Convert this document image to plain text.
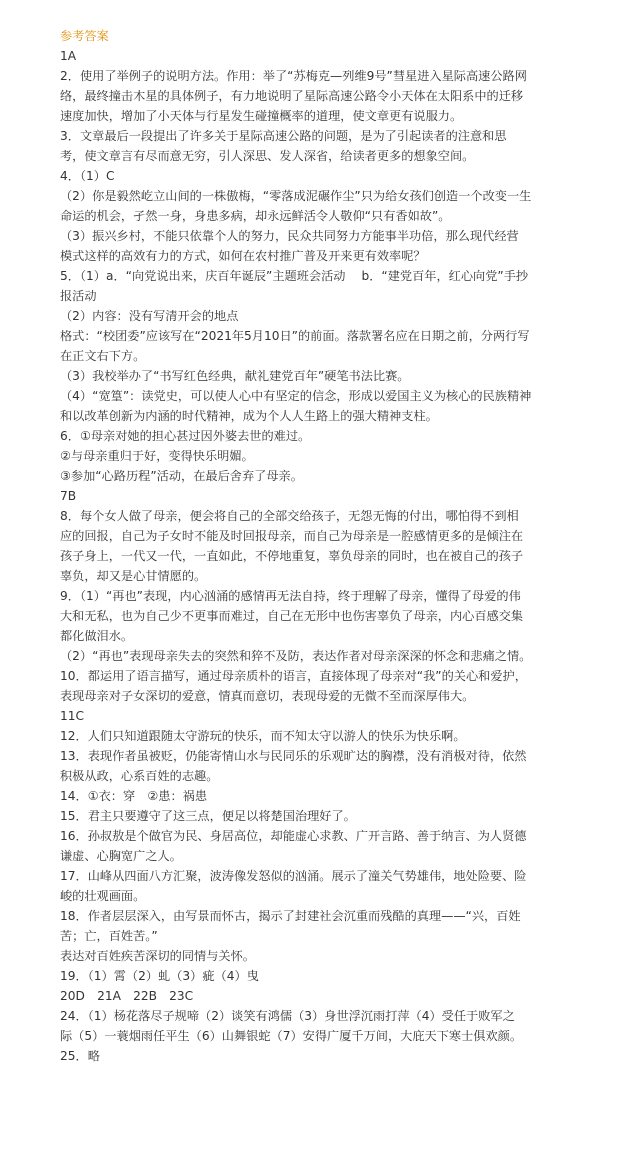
参考答案
1A
2．使用了举例子的说明方法。作用：举了“苏梅克—列维9号”彗星进入星际高速公路网
络，最终撞击木星的具体例子，有力地说明了星际高速公路令小天体在太阳系中的迁移
速度加快，增加了小天体与行星发生碰撞概率的道理，使文章更有说服力。
3．文章最后一段提出了许多关于星际高速公路的问题，是为了引起读者的注意和思
考，使文章言有尽而意无穷，引人深思、发人深省，给读者更多的想象空间。
4．（1）C
（2）你是毅然屹立山间的一株傲梅，“零落成泥碾作尘”只为给女孩们创造一个改变一生
命运的机会，孑然一身，身患多病，却永远鲜活令人敬仰“只有香如故”。
（3）振兴乡村，不能只依靠个人的努力，民众共同努力方能事半功倍，那么现代经营
模式这样的高效有力的方式，如何在农村推广普及开来更有效率呢？
5．（1）a．“向党说出来，庆百年诞辰”主题班会活动　 b．“建党百年，红心向党”手抄
报活动
（2）内容：没有写清开会的地点
格式：“校团委”应该写在“2021年5月10日”的前面。落款署名应在日期之前，分两行写
在正文右下方。
（3）我校举办了“书写红色经典，献礼建党百年”硬笔书法比赛。
（4）“宽篁”：读党史，可以使人心中有坚定的信念，形成以爱国主义为核心的民族精神
和以改革创新为内涵的时代精神，成为个人人生路上的强大精神支柱。
6．①母亲对她的担心甚过因外婆去世的难过。
②与母亲重归于好，变得快乐明媚。
③参加“心路历程”活动，在最后舍弃了母亲。
7B
8．每个女人做了母亲，便会将自己的全部交给孩子，无怨无悔的付出，哪怕得不到相
应的回报，自己为子女时不能及时回报母亲，而自己为母亲是一腔感情更多的是倾注在
孩子身上，一代又一代，一直如此，不停地重复，辜负母亲的同时，也在被自己的孩子
辜负，却又是心甘情愿的。
9．（1）“再也”表现，内心汹涌的感情再无法自持，终于理解了母亲，懂得了母爱的伟
大和无私，也为自己少不更事而难过，自己在无形中也伤害辜负了母亲，内心百感交集
都化做泪水。
（2）“再也”表现母亲失去的突然和猝不及防，表达作者对母亲深深的怀念和悲痛之情。
10．都运用了语言描写，通过母亲质朴的语言，直接体现了母亲对“我”的关心和爱护，
表现母亲对子女深切的爱意，情真而意切，表现母爱的无微不至而深厚伟大。
11C
12．人们只知道跟随太守游玩的快乐，而不知太守以游人的快乐为快乐啊。
13．表现作者虽被贬，仍能寄情山水与民同乐的乐观旷达的胸襟，没有消极对待，依然
积极从政，心系百姓的志趣。
14．①衣：穿　②患：祸患
15．君主只要遵守了这三点，便足以将楚国治理好了。
16．孙叔敖是个做官为民、身居高位，却能虚心求教、广开言路、善于纳言、为人贤德
谦虚、心胸宽广之人。
17．山峰从四面八方汇聚，波涛像发怒似的汹涌。展示了潼关气势雄伟，地处险要、险
峻的壮观画面。
18．作者层层深入，由写景而怀古，揭示了封建社会沉重而残酷的真理——“兴，百姓
苦；亡，百姓苦。”
表达对百姓疾苦深切的同情与关怀。
19．（1）霄（2）虬（3）疵（4）曳
20D　21A　22B　23C
24．（1）杨花落尽子规啼（2）谈笑有鸿儒（3）身世浮沉雨打萍（4）受任于败军之
际（5）一蓑烟雨任平生（6）山舞银蛇（7）安得广厦千万间，大庇天下寒士俱欢颜。
25．略
